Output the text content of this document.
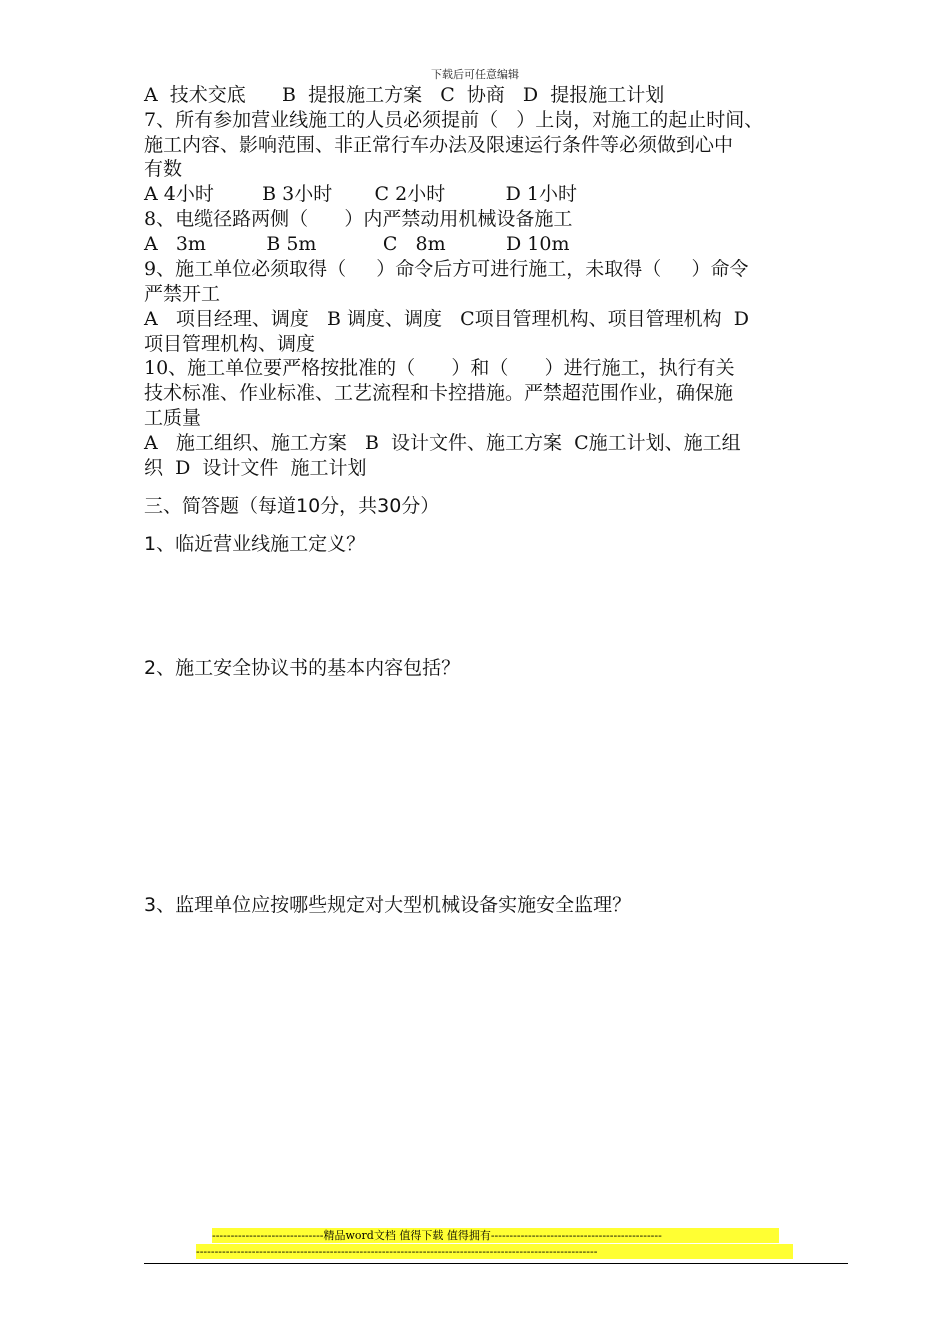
下载后可任意编辑
A  技术交底      B  提报施工方案   C  协商   D  提报施工计划
7、所有参加营业线施工的人员必须提前（   ）上岗，对施工的起止时间、
施工内容、影响范围、非正常行车办法及限速运行条件等必须做到心中
有数
A 4小时        B 3小时       C 2小时          D 1小时
8、电缆径路两侧（      ）内严禁动用机械设备施工
A   3m          B 5m           C   8m          D 10m
9、施工单位必须取得（     ）命令后方可进行施工，未取得（     ）命令
严禁开工
A   项目经理、调度   B 调度、调度   C项目管理机构、项目管理机构  D
项目管理机构、调度
10、施工单位要严格按批准的（      ）和（      ）进行施工，执行有关
技术标准、作业标准、工艺流程和卡控措施。严禁超范围作业，确保施
工质量
A   施工组织、施工方案   B  设计文件、施工方案  C施工计划、施工组
织  D  设计文件  施工计划
三、简答题（每道10分，共30分）
1、临近营业线施工定义？
2、施工安全协议书的基本内容包括？
3、监理单位应按哪些规定对大型机械设备实施安全监理？
------------------------------精品word文档 值得下载 值得拥有----------------------------------------------
------------------------------------------------------------------------------------------------------------
